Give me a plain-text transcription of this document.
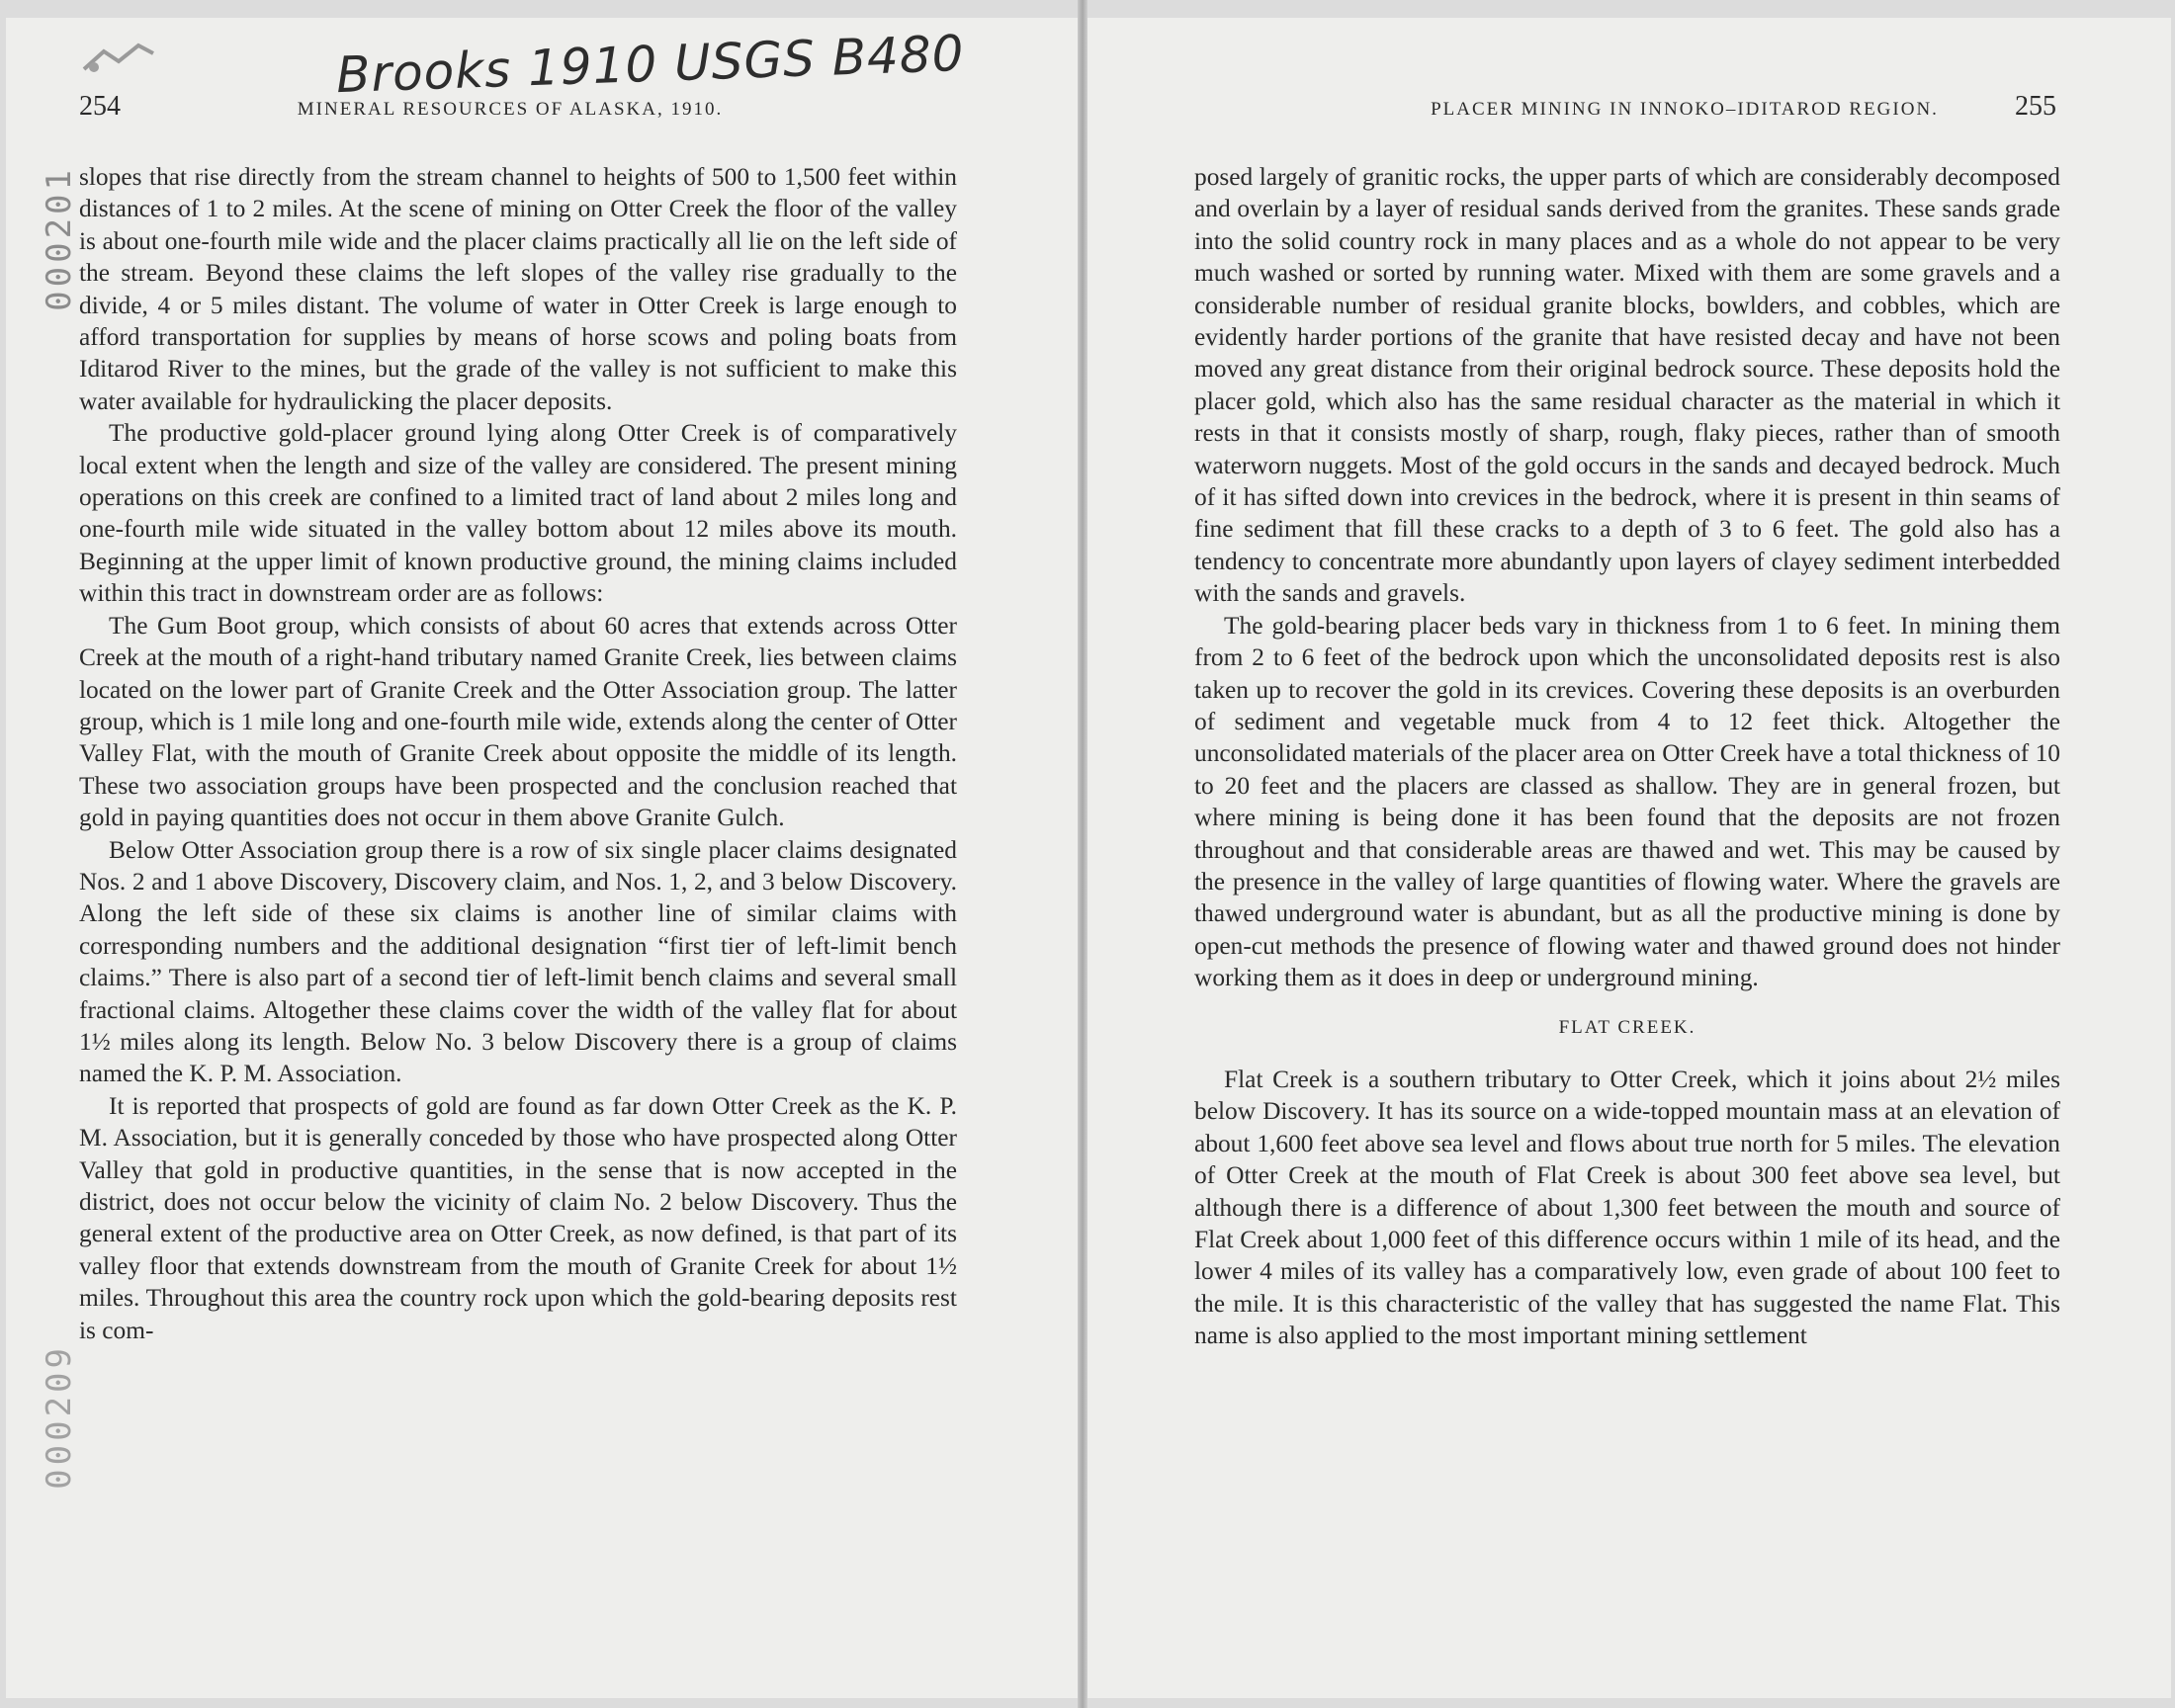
Brooks 1910 USGS B480
000201
000209
254	MINERAL RESOURCES OF ALASKA, 1910.	PLACER MINING IN INNOKO–IDITAROD REGION.	255

slopes that rise directly from the stream channel to heights of 500 to 1,500 feet within distances of 1 to 2 miles. At the scene of mining on Otter Creek the floor of the valley is about one-fourth mile wide and the placer claims practically all lie on the left side of the stream. Beyond these claims the left slopes of the valley rise gradually to the divide, 4 or 5 miles distant. The volume of water in Otter Creek is large enough to afford transportation for supplies by means of horse scows and poling boats from Iditarod River to the mines, but the grade of the valley is not sufficient to make this water available for hydraulicking the placer deposits.

The productive gold-placer ground lying along Otter Creek is of comparatively local extent when the length and size of the valley are considered. The present mining operations on this creek are confined to a limited tract of land about 2 miles long and one-fourth mile wide situated in the valley bottom about 12 miles above its mouth. Beginning at the upper limit of known productive ground, the mining claims included within this tract in downstream order are as follows:

The Gum Boot group, which consists of about 60 acres that extends across Otter Creek at the mouth of a right-hand tributary named Granite Creek, lies between claims located on the lower part of Granite Creek and the Otter Association group. The latter group, which is 1 mile long and one-fourth mile wide, extends along the center of Otter Valley Flat, with the mouth of Granite Creek about opposite the middle of its length. These two association groups have been prospected and the conclusion reached that gold in paying quantities does not occur in them above Granite Gulch.

Below Otter Association group there is a row of six single placer claims designated Nos. 2 and 1 above Discovery, Discovery claim, and Nos. 1, 2, and 3 below Discovery. Along the left side of these six claims is another line of similar claims with corresponding numbers and the additional designation “first tier of left-limit bench claims.” There is also part of a second tier of left-limit bench claims and several small fractional claims. Altogether these claims cover the width of the valley flat for about 1½ miles along its length. Below No. 3 below Discovery there is a group of claims named the K. P. M. Association.

It is reported that prospects of gold are found as far down Otter Creek as the K. P. M. Association, but it is generally conceded by those who have prospected along Otter Valley that gold in productive quantities, in the sense that is now accepted in the district, does not occur below the vicinity of claim No. 2 below Discovery. Thus the general extent of the productive area on Otter Creek, as now defined, is that part of its valley floor that extends downstream from the mouth of Granite Creek for about 1½ miles. Throughout this area the country rock upon which the gold-bearing deposits rest is com-

posed largely of granitic rocks, the upper parts of which are considerably decomposed and overlain by a layer of residual sands derived from the granites. These sands grade into the solid country rock in many places and as a whole do not appear to be very much washed or sorted by running water. Mixed with them are some gravels and a considerable number of residual granite blocks, bowlders, and cobbles, which are evidently harder portions of the granite that have resisted decay and have not been moved any great distance from their original bedrock source. These deposits hold the placer gold, which also has the same residual character as the material in which it rests in that it consists mostly of sharp, rough, flaky pieces, rather than of smooth waterworn nuggets. Most of the gold occurs in the sands and decayed bedrock. Much of it has sifted down into crevices in the bedrock, where it is present in thin seams of fine sediment that fill these cracks to a depth of 3 to 6 feet. The gold also has a tendency to concentrate more abundantly upon layers of clayey sediment interbedded with the sands and gravels.

The gold-bearing placer beds vary in thickness from 1 to 6 feet. In mining them from 2 to 6 feet of the bedrock upon which the unconsolidated deposits rest is also taken up to recover the gold in its crevices. Covering these deposits is an overburden of sediment and vegetable muck from 4 to 12 feet thick. Altogether the unconsolidated materials of the placer area on Otter Creek have a total thickness of 10 to 20 feet and the placers are classed as shallow. They are in general frozen, but where mining is being done it has been found that the deposits are not frozen throughout and that considerable areas are thawed and wet. This may be caused by the presence in the valley of large quantities of flowing water. Where the gravels are thawed underground water is abundant, but as all the productive mining is done by open-cut methods the presence of flowing water and thawed ground does not hinder working them as it does in deep or underground mining.

FLAT CREEK.

Flat Creek is a southern tributary to Otter Creek, which it joins about 2½ miles below Discovery. It has its source on a wide-topped mountain mass at an elevation of about 1,600 feet above sea level and flows about true north for 5 miles. The elevation of Otter Creek at the mouth of Flat Creek is about 300 feet above sea level, but although there is a difference of about 1,300 feet between the mouth and source of Flat Creek about 1,000 feet of this difference occurs within 1 mile of its head, and the lower 4 miles of its valley has a comparatively low, even grade of about 100 feet to the mile. It is this characteristic of the valley that has suggested the name Flat. This name is also applied to the most important mining settlement
